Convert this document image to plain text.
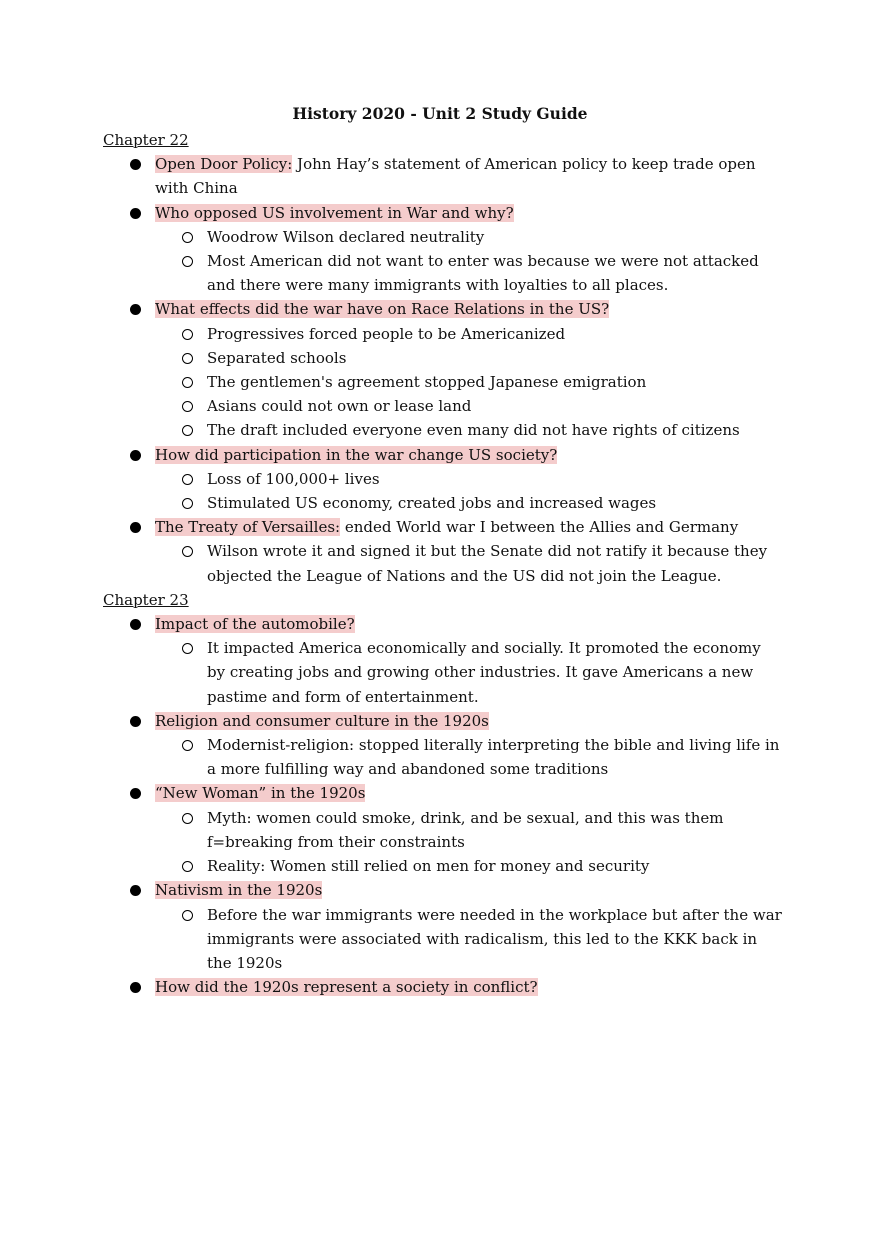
History 2020 - Unit 2 Study Guide
Chapter 22
Open Door Policy: John Hay’s statement of American policy to keep trade open with China
Who opposed US involvement in War and why?
Woodrow Wilson declared neutrality
Most American did not want to enter was because we were not attacked and there were many immigrants with loyalties to all places.
What effects did the war have on Race Relations in the US?
Progressives forced people to be Americanized
Separated schools
The gentlemen's agreement stopped Japanese emigration
Asians could not own or lease land
The draft included everyone even many did not have rights of citizens
How did participation in the war change US society?
Loss of 100,000+ lives
Stimulated US economy, created jobs and increased wages
The Treaty of Versailles: ended World war I between the Allies and Germany
Wilson wrote it and signed it but the Senate did not ratify it because they objected the League of Nations and the US did not join the League.
Chapter 23
Impact of the automobile?
It impacted America economically and socially. It promoted the economy by creating jobs and growing other industries. It gave Americans a new pastime and form of entertainment.
Religion and consumer culture in the 1920s
Modernist-religion: stopped literally interpreting the bible and living life in a more fulfilling way and abandoned some traditions
“New Woman” in the 1920s
Myth: women could smoke, drink, and be sexual, and this was them f=breaking from their constraints
Reality: Women still relied on men for money and security
Nativism in the 1920s
Before the war immigrants were needed in the workplace but after the war immigrants were associated with radicalism, this led to the KKK back in the 1920s
How did the 1920s represent a society in conflict?
